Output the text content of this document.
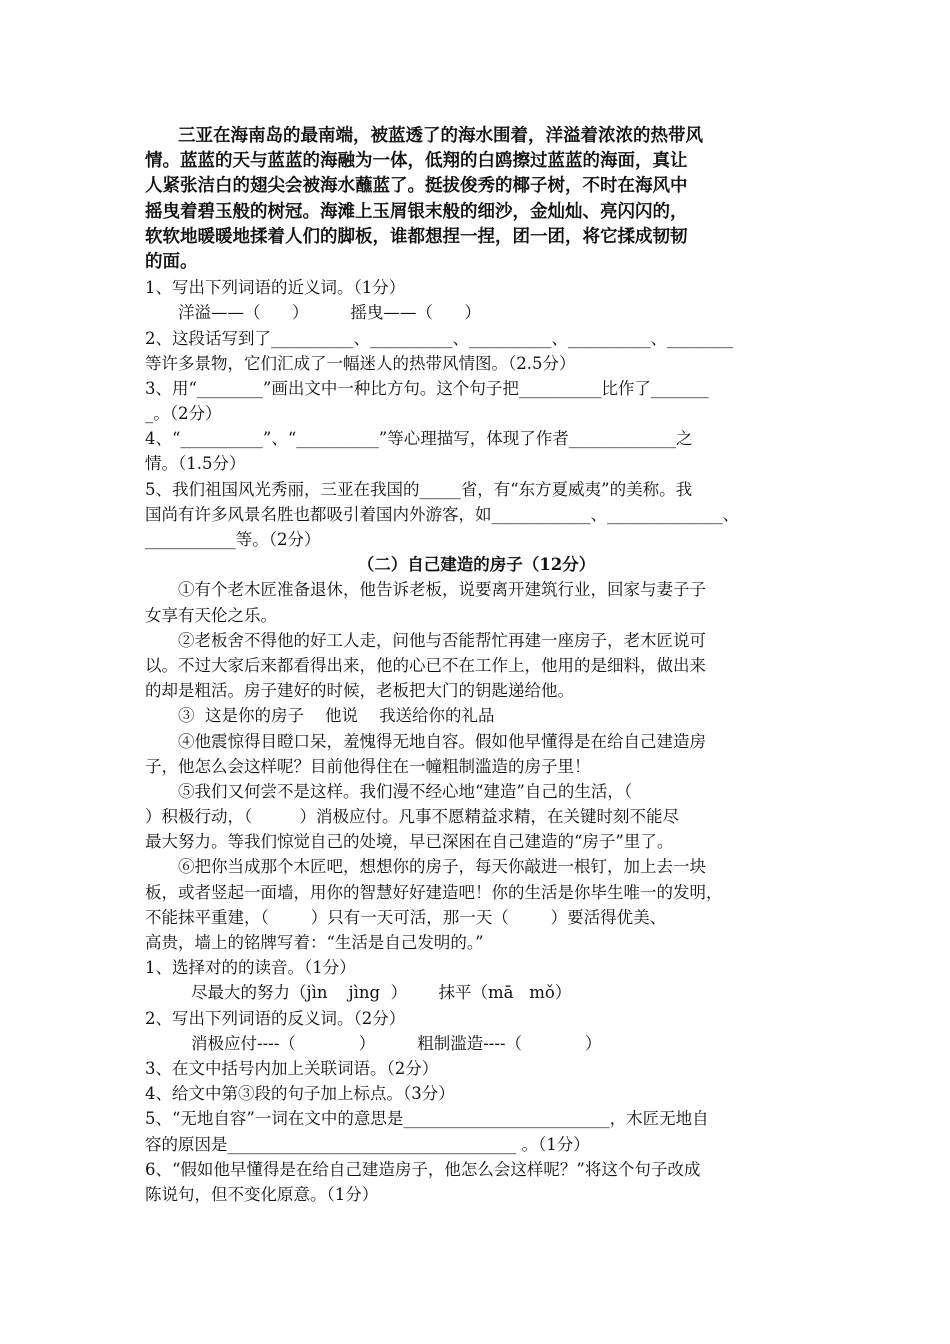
三亚在海南岛的最南端，被蓝透了的海水围着，洋溢着浓浓的热带风
情。蓝蓝的天与蓝蓝的海融为一体，低翔的白鸥擦过蓝蓝的海面，真让
人紧张洁白的翅尖会被海水蘸蓝了。挺拔俊秀的椰子树，不时在海风中
摇曳着碧玉般的树冠。海滩上玉屑银末般的细沙，金灿灿、亮闪闪的，
软软地暖暖地揉着人们的脚板，谁都想捏一捏，团一团，将它揉成韧韧
的面。
1、写出下列词语的近义词。（1分）
洋溢——（      ）        摇曳——（      ）
2、这段话写到了__________、__________、__________、__________、________
等许多景物，它们汇成了一幅迷人的热带风情图。（2.5分）
3、用“________”画出文中一种比方句。这个句子把__________比作了_______
_。（2分）
4、“__________”、“__________”等心理描写，体现了作者_____________之
情。（1.5分）
5、我们祖国风光秀丽，三亚在我国的_____省，有“东方夏威夷”的美称。我
国尚有许多风景名胜也都吸引着国内外游客，如____________、______________、
___________等。（2分）
（二）自己建造的房子（12分）
①有个老木匠准备退休，他告诉老板，说要离开建筑行业，回家与妻子子
女享有天伦之乐。
②老板舍不得他的好工人走，问他与否能帮忙再建一座房子，老木匠说可
以。不过大家后来都看得出来，他的心已不在工作上，他用的是细料，做出来
的却是粗活。房子建好的时候，老板把大门的钥匙递给他。
③  这是你的房子    他说    我送给你的礼品
④他震惊得目瞪口呆，羞愧得无地自容。假如他早懂得是在给自己建造房
子，他怎么会这样呢？目前他得住在一幢粗制滥造的房子里！
⑤我们又何尝不是这样。我们漫不经心地“建造”自己的生活，（
）积极行动，（         ）消极应付。凡事不愿精益求精，在关键时刻不能尽
最大努力。等我们惊觉自己的处境，早已深困在自己建造的“房子”里了。
⑥把你当成那个木匠吧，想想你的房子，每天你敲进一根钉，加上去一块
板，或者竖起一面墙，用你的智慧好好建造吧！你的生活是你毕生唯一的发明，
不能抹平重建，（        ）只有一天可活，那一天（        ）要活得优美、
高贵，墙上的铭牌写着：“生活是自己发明的。”
1、选择对的的读音。（1分）
尽最大的努力（jìn    jìng  ）      抹平（mā   mǒ）
2、写出下列词语的反义词。（2分）
消极应付----（            ）        粗制滥造----（            ）
3、在文中括号内加上关联词语。（2分）
4、给文中第③段的句子加上标点。（3分）
5、“无地自容”一词在文中的意思是_________________________，木匠无地自
容的原因是___________________________________ 。（1分）
6、“假如他早懂得是在给自己建造房子，他怎么会这样呢？”将这个句子改成
陈说句，但不变化原意。（1分）
